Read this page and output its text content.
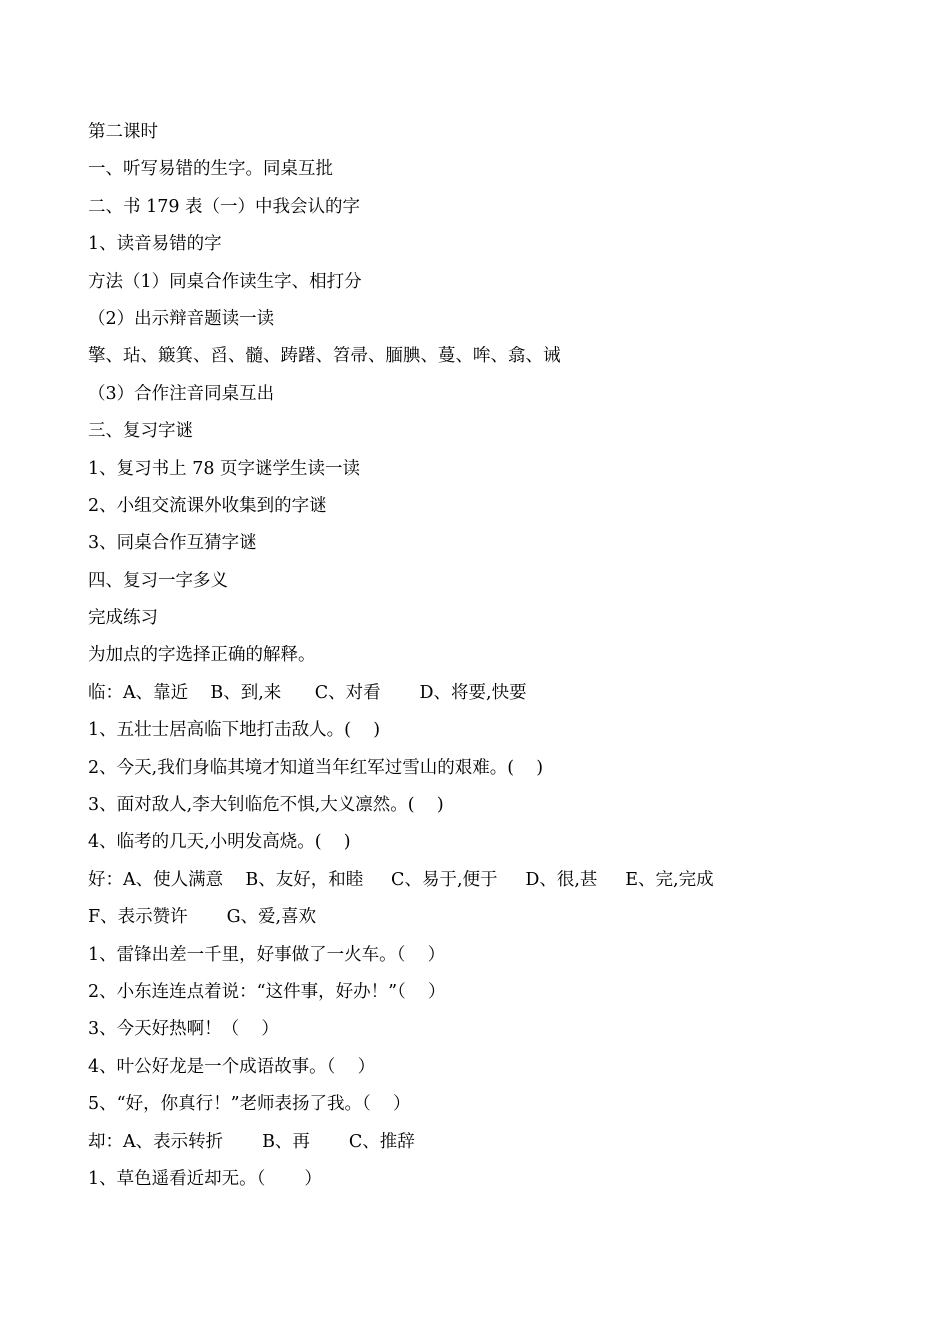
第二课时
一、听写易错的生字。同桌互批
二、书 179 表（一）中我会认的字
1、读音易错的字
方法（1）同桌合作读生字、相打分
（2）出示辩音题读一读
擎、玷、簸箕、舀、髓、踌躇、笤帚、腼腆、蔓、哞、翕、诫
（3）合作注音同桌互出
三、复习字谜
1、复习书上 78 页字谜学生读一读
2、小组交流课外收集到的字谜
3、同桌合作互猜字谜
四、复习一字多义
完成练习
为加点的字选择正确的解释。
临：A、靠近    B、到,来      C、对看       D、将要,快要
1、五壮士居高临下地打击敌人。(    )
2、今天,我们身临其境才知道当年红军过雪山的艰难。(    )
3、面对敌人,李大钊临危不惧,大义凛然。(    )
4、临考的几天,小明发高烧。(    )
好：A、使人满意    B、友好，和睦     C、易于,便于     D、很,甚     E、完,完成
F、表示赞许       G、爱,喜欢
1、雷锋出差一千里，好事做了一火车。（    ）
2、小东连连点着说：“这件事，好办！”（    ）
3、今天好热啊！（    ）
4、叶公好龙是一个成语故事。（    ）
5、“好，你真行！”老师表扬了我。（    ）
却：A、表示转折       B、再       C、推辞
1、草色遥看近却无。（       ）
